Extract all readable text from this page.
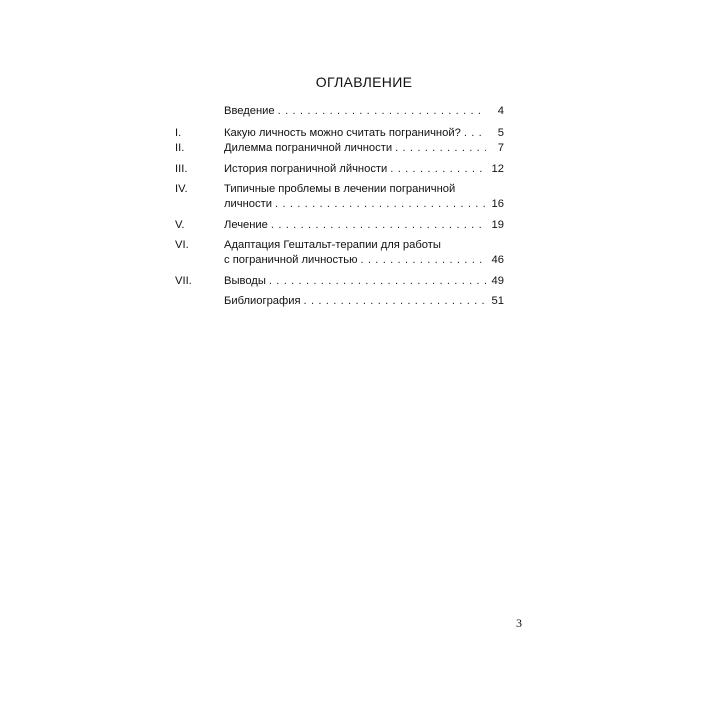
ОГЛАВЛЕНИЕ
Введение . . .	4
I.	Какую личность можно считать пограничной? . . .	5
II.	Дилемма пограничной личности . . .	7
III.	История пограничной лйчности . . .	12
IV.	Типичные проблемы в лечении пограничной
личности . . .	16
V.	Лечение . . .	19
VI.	Адаптация Гештальт-терапии для работы
с пограничной личностью . . .	46
VII.	Выводы . . .	49
Библиография . . .	51
3
